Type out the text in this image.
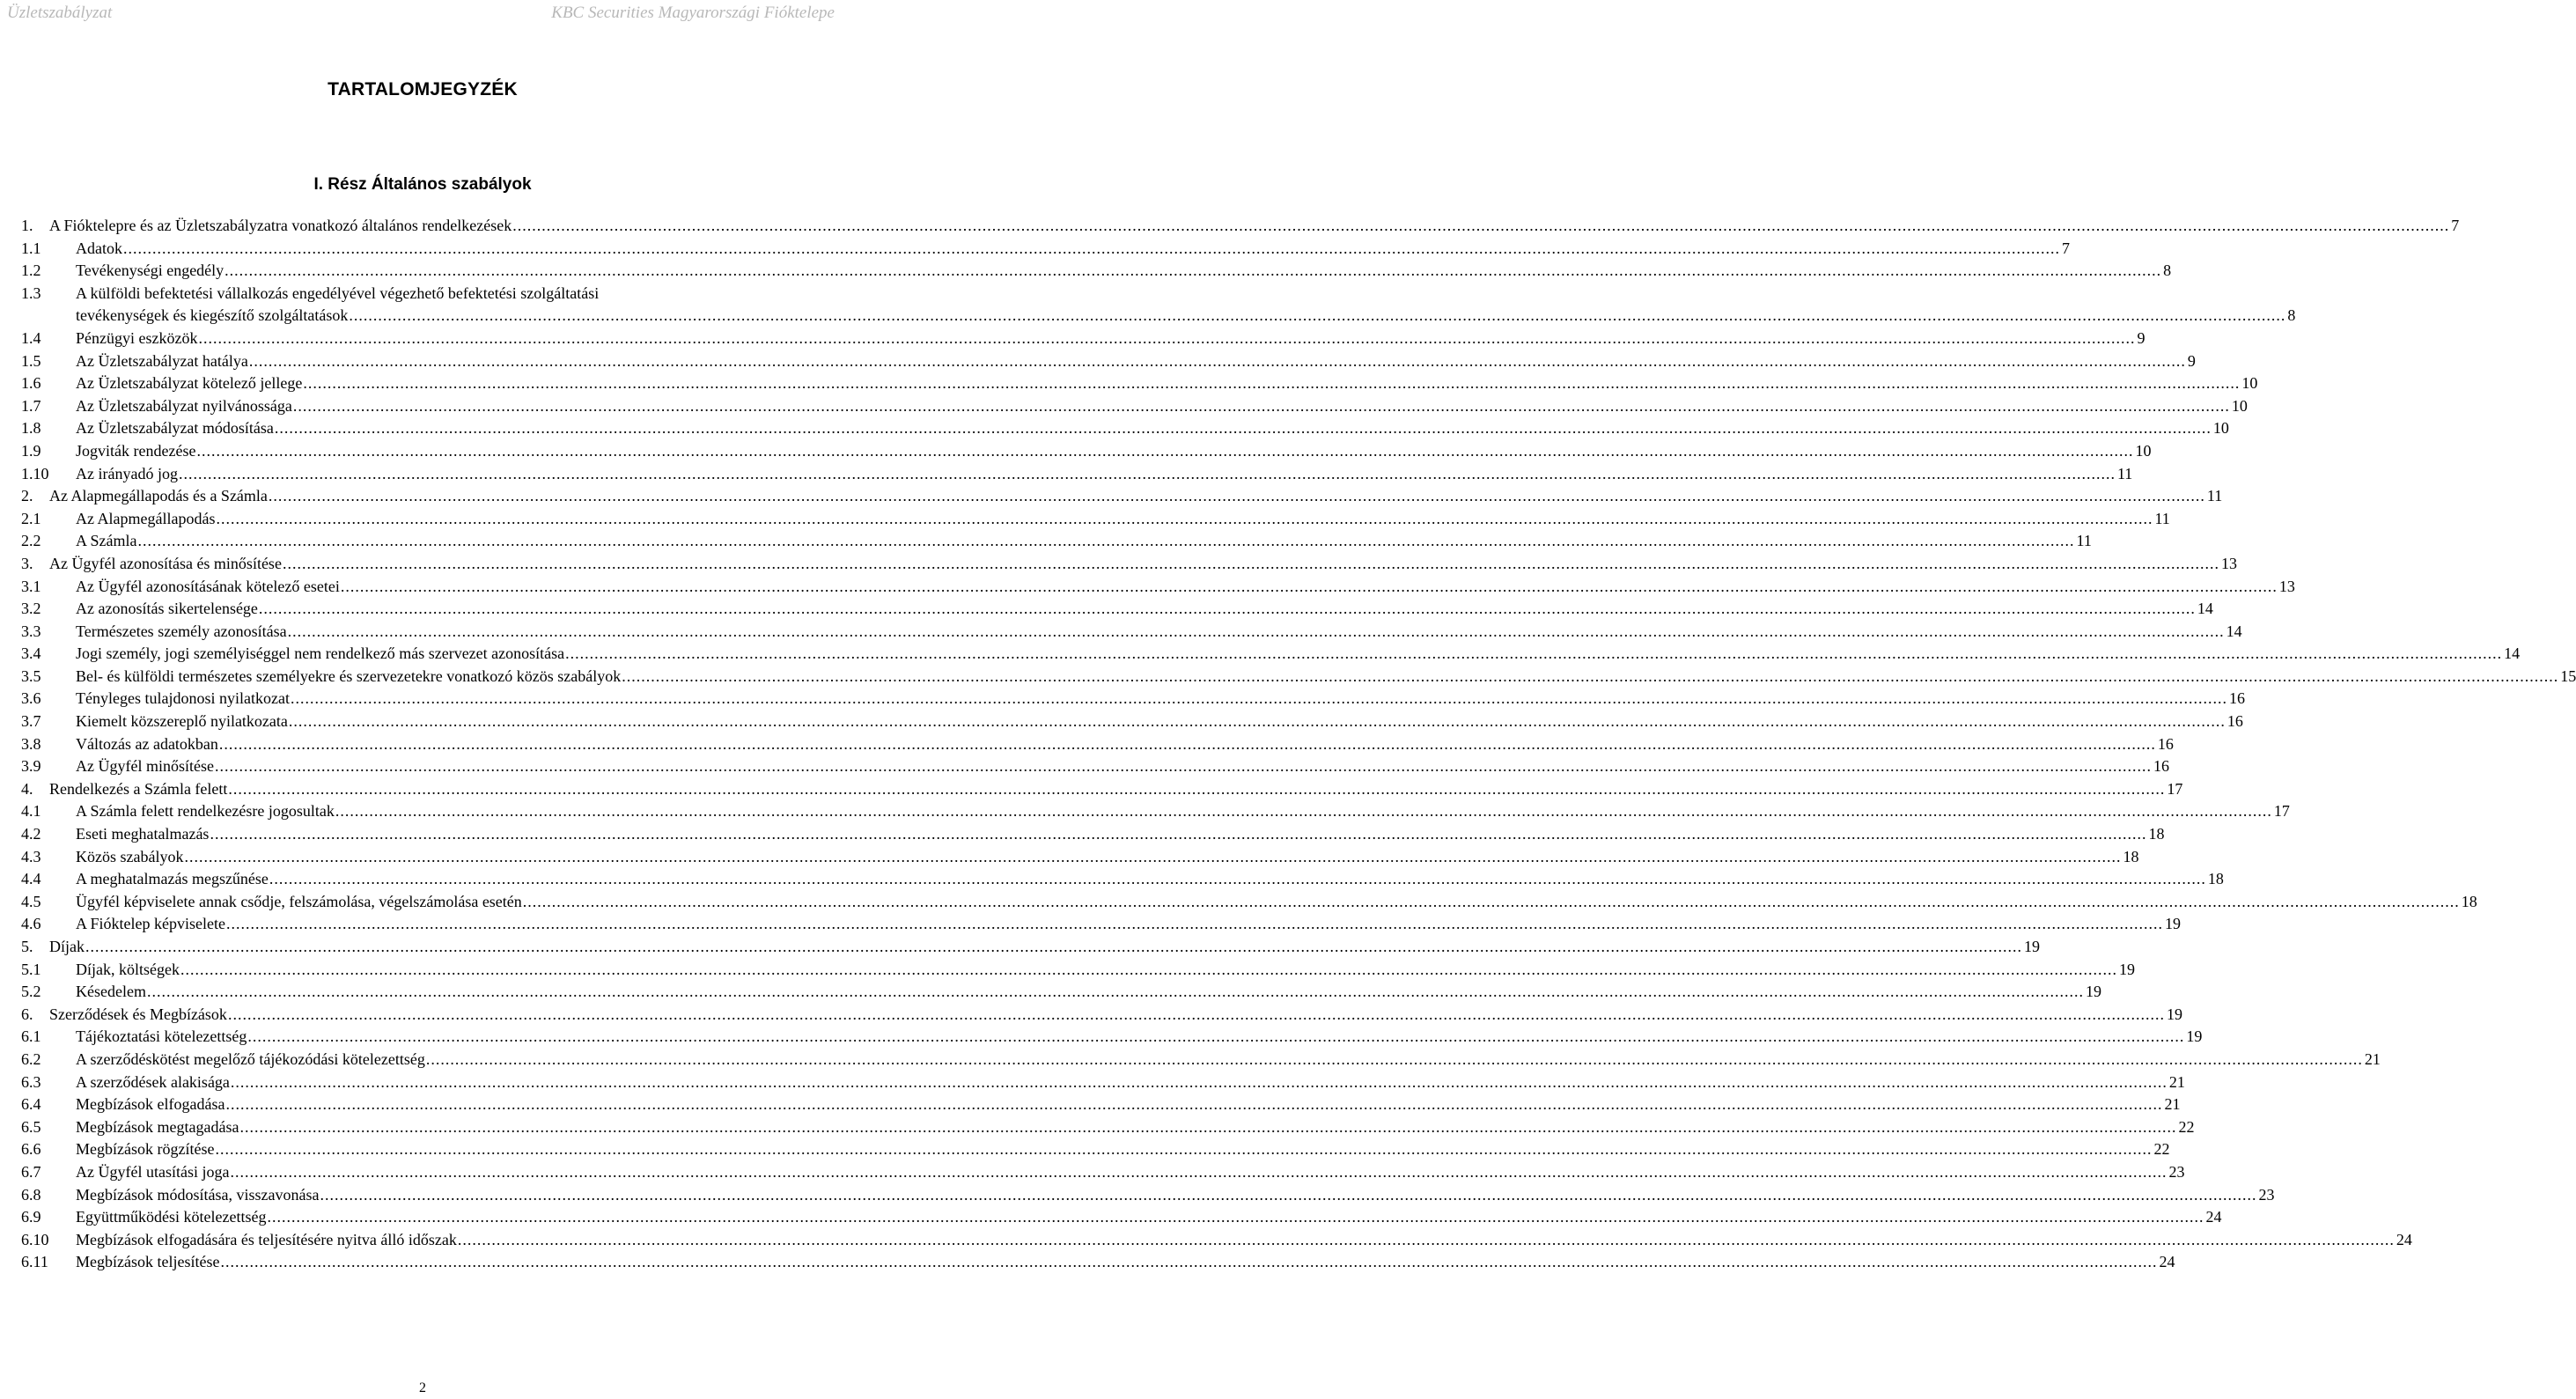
Üzletszabályzat	KBC Securities Magyarországi Fióktelepe
TARTALOMJEGYZÉK
I. Rész Általános szabályok
1. A Fióktelepre és az Üzletszabályzatra vonatkozó általános rendelkezések ................................................................................................................................................................................................................................................................................................................................................................................................................ 7
1.1 Adatok ................................................................................................................................................................................................................................................................................................................................................................................................................ 7
1.2 Tevékenységi engedély ................................................................................................................................................................................................................................................................................................................................................................................................................ 8
1.3 A külföldi befektetési vállalkozás engedélyével végezhető befektetési szolgáltatási
tevékenységek és kiegészítő szolgáltatások ................................................................................................................................................................................................................................................................................................................................................................................................................ 8
1.4 Pénzügyi eszközök ................................................................................................................................................................................................................................................................................................................................................................................................................ 9
1.5 Az Üzletszabályzat hatálya ................................................................................................................................................................................................................................................................................................................................................................................................................ 9
1.6 Az Üzletszabályzat kötelező jellege ................................................................................................................................................................................................................................................................................................................................................................................................................ 10
1.7 Az Üzletszabályzat nyilvánossága ................................................................................................................................................................................................................................................................................................................................................................................................................ 10
1.8 Az Üzletszabályzat módosítása ................................................................................................................................................................................................................................................................................................................................................................................................................ 10
1.9 Jogviták rendezése ................................................................................................................................................................................................................................................................................................................................................................................................................ 10
1.10 Az irányadó jog ................................................................................................................................................................................................................................................................................................................................................................................................................ 11
2. Az Alapmegállapodás és a Számla ................................................................................................................................................................................................................................................................................................................................................................................................................ 11
2.1 Az Alapmegállapodás ................................................................................................................................................................................................................................................................................................................................................................................................................ 11
2.2 A Számla ................................................................................................................................................................................................................................................................................................................................................................................................................ 11
3. Az Ügyfél azonosítása és minősítése ................................................................................................................................................................................................................................................................................................................................................................................................................ 13
3.1 Az Ügyfél azonosításának kötelező esetei ................................................................................................................................................................................................................................................................................................................................................................................................................ 13
3.2 Az azonosítás sikertelensége ................................................................................................................................................................................................................................................................................................................................................................................................................ 14
3.3 Természetes személy azonosítása ................................................................................................................................................................................................................................................................................................................................................................................................................ 14
3.4 Jogi személy, jogi személyiséggel nem rendelkező más szervezet azonosítása ................................................................................................................................................................................................................................................................................................................................................................................................................ 14
3.5 Bel- és külföldi természetes személyekre és szervezetekre vonatkozó közös szabályok ................................................................................................................................................................................................................................................................................................................................................................................................................ 15
3.6 Tényleges tulajdonosi nyilatkozat ................................................................................................................................................................................................................................................................................................................................................................................................................ 16
3.7 Kiemelt közszereplő nyilatkozata ................................................................................................................................................................................................................................................................................................................................................................................................................ 16
3.8 Változás az adatokban ................................................................................................................................................................................................................................................................................................................................................................................................................ 16
3.9 Az Ügyfél minősítése ................................................................................................................................................................................................................................................................................................................................................................................................................ 16
4. Rendelkezés a Számla felett ................................................................................................................................................................................................................................................................................................................................................................................................................ 17
4.1 A Számla felett rendelkezésre jogosultak ................................................................................................................................................................................................................................................................................................................................................................................................................ 17
4.2 Eseti meghatalmazás ................................................................................................................................................................................................................................................................................................................................................................................................................ 18
4.3 Közös szabályok ................................................................................................................................................................................................................................................................................................................................................................................................................ 18
4.4 A meghatalmazás megszűnése ................................................................................................................................................................................................................................................................................................................................................................................................................ 18
4.5 Ügyfél képviselete annak csődje, felszámolása, végelszámolása esetén ................................................................................................................................................................................................................................................................................................................................................................................................................ 18
4.6 A Fióktelep képviselete ................................................................................................................................................................................................................................................................................................................................................................................................................ 19
5. Díjak ................................................................................................................................................................................................................................................................................................................................................................................................................ 19
5.1 Díjak, költségek ................................................................................................................................................................................................................................................................................................................................................................................................................ 19
5.2 Késedelem ................................................................................................................................................................................................................................................................................................................................................................................................................ 19
6. Szerződések és Megbízások ................................................................................................................................................................................................................................................................................................................................................................................................................ 19
6.1 Tájékoztatási kötelezettség ................................................................................................................................................................................................................................................................................................................................................................................................................ 19
6.2 A szerződéskötést megelőző tájékozódási kötelezettség ................................................................................................................................................................................................................................................................................................................................................................................................................ 21
6.3 A szerződések alakisága ................................................................................................................................................................................................................................................................................................................................................................................................................ 21
6.4 Megbízások elfogadása ................................................................................................................................................................................................................................................................................................................................................................................................................ 21
6.5 Megbízások megtagadása ................................................................................................................................................................................................................................................................................................................................................................................................................ 22
6.6 Megbízások rögzítése ................................................................................................................................................................................................................................................................................................................................................................................................................ 22
6.7 Az Ügyfél utasítási joga ................................................................................................................................................................................................................................................................................................................................................................................................................ 23
6.8 Megbízások módosítása, visszavonása ................................................................................................................................................................................................................................................................................................................................................................................................................ 23
6.9 Együttműködési kötelezettség ................................................................................................................................................................................................................................................................................................................................................................................................................ 24
6.10 Megbízások elfogadására és teljesítésére nyitva álló időszak ................................................................................................................................................................................................................................................................................................................................................................................................................ 24
6.11 Megbízások teljesítése ................................................................................................................................................................................................................................................................................................................................................................................................................ 24
2
